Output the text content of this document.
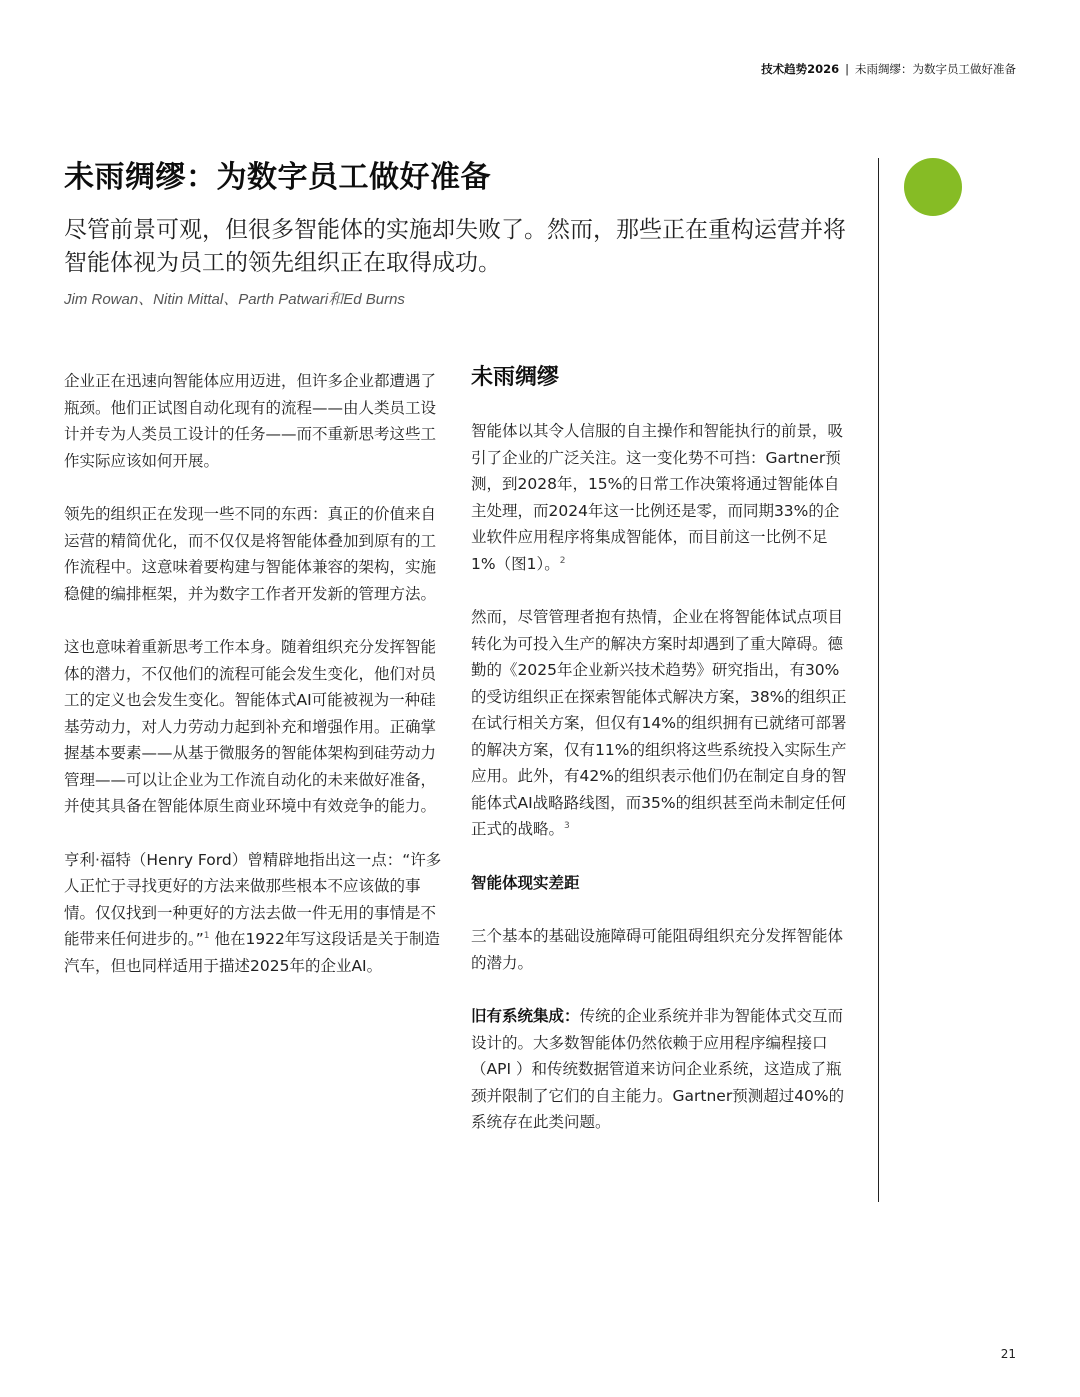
技术趋势2026 | 未雨绸缪：为数字员工做好准备
未雨绸缪：为数字员工做好准备

尽管前景可观，但很多智能体的实施却失败了。然而，那些正在重构运营并将智能体视为员工的领先组织正在取得成功。

Jim Rowan、Nitin Mittal、Parth Patwari和Ed Burns

企业正在迅速向智能体应用迈进，但许多企业都遭遇了瓶颈。他们正试图自动化现有的流程——由人类员工设计并专为人类员工设计的任务——而不重新思考这些工作实际应该如何开展。

领先的组织正在发现一些不同的东西：真正的价值来自运营的精简优化，而不仅仅是将智能体叠加到原有的工作流程中。这意味着要构建与智能体兼容的架构，实施稳健的编排框架，并为数字工作者开发新的管理方法。

这也意味着重新思考工作本身。随着组织充分发挥智能体的潜力，不仅他们的流程可能会发生变化，他们对员工的定义也会发生变化。智能体式AI可能被视为一种硅基劳动力，对人力劳动力起到补充和增强作用。正确掌握基本要素——从基于微服务的智能体架构到硅劳动力管理——可以让企业为工作流自动化的未来做好准备，并使其具备在智能体原生商业环境中有效竞争的能力。

亨利·福特（Henry Ford）曾精辟地指出这一点：“许多人正忙于寻找更好的方法来做那些根本不应该做的事情。仅仅找到一种更好的方法去做一件无用的事情是不能带来任何进步的。”$^1$ 他在1922年写这段话是关于制造汽车，但也同样适用于描述2025年的企业AI。

未雨绸缪

智能体以其令人信服的自主操作和智能执行的前景，吸引了企业的广泛关注。这一变化势不可挡：Gartner预测，到2028年，15%的日常工作决策将通过智能体自主处理，而2024年这一比例还是零，而同期33%的企业软件应用程序将集成智能体，而目前这一比例不足1%（图1）。$^2$

然而，尽管管理者抱有热情，企业在将智能体试点项目转化为可投入生产的解决方案时却遇到了重大障碍。德勤的《2025年企业新兴技术趋势》研究指出，有30%的受访组织正在探索智能体式解决方案，38%的组织正在试行相关方案，但仅有14%的组织拥有已就绪可部署的解决方案，仅有11%的组织将这些系统投入实际生产应用。此外，有42%的组织表示他们仍在制定自身的智能体式AI战略路线图，而35%的组织甚至尚未制定任何正式的战略。$^3$

智能体现实差距

三个基本的基础设施障碍可能阻碍组织充分发挥智能体的潜力。

旧有系统集成：传统的企业系统并非为智能体式交互而设计的。大多数智能体仍然依赖于应用程序编程接口（API ）和传统数据管道来访问企业系统，这造成了瓶颈并限制了它们的自主能力。Gartner预测超过40%的系统存在此类问题。

21
